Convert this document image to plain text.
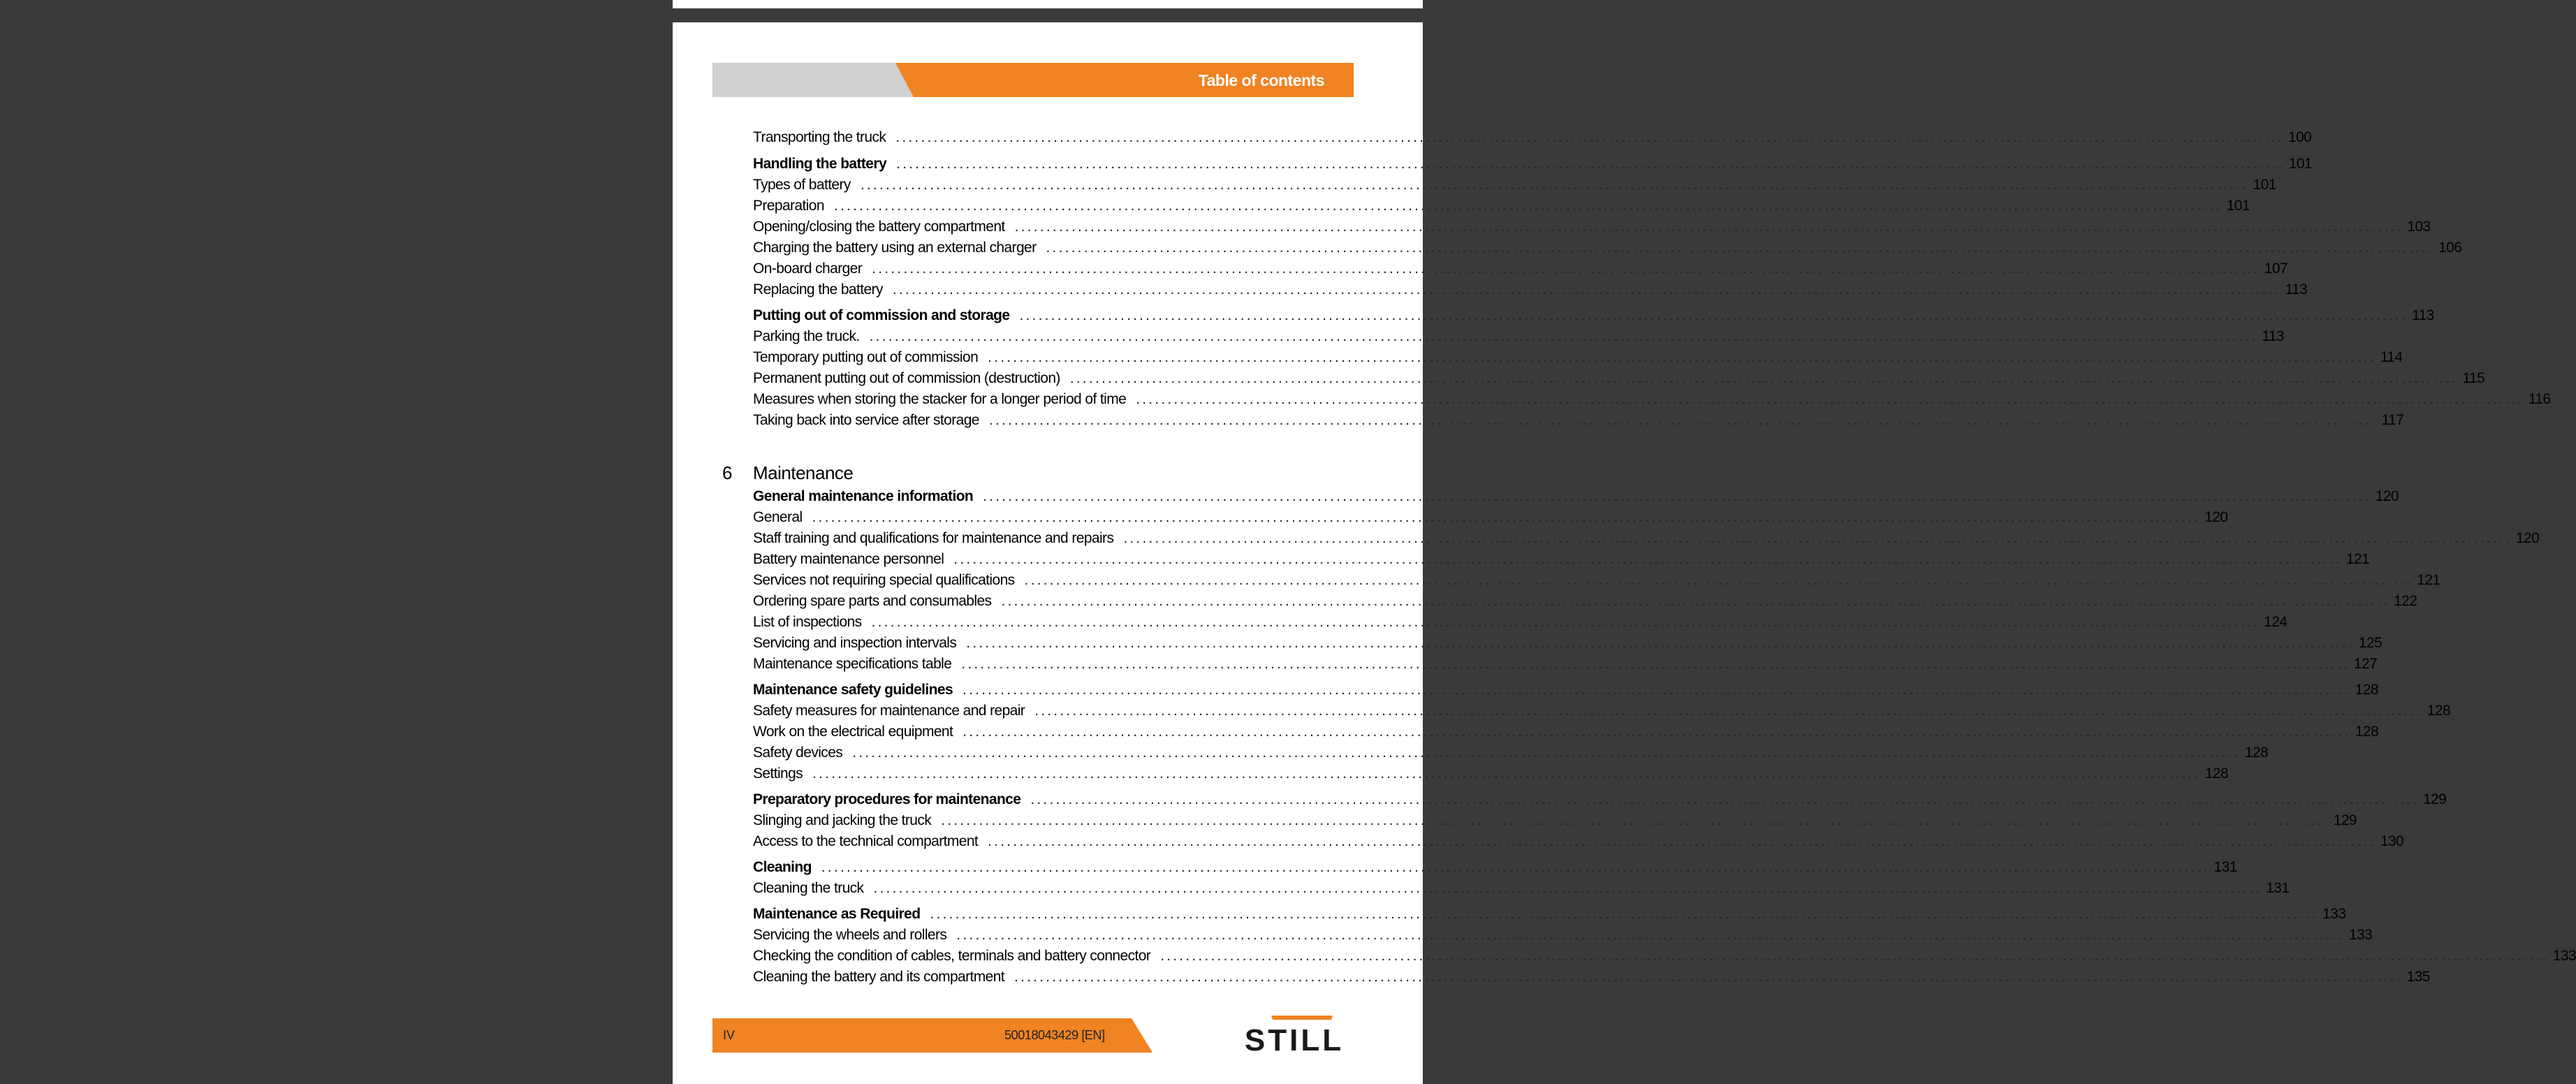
Table of contents
Transporting the truck ............................................................................................................................................................................................................................ 100
Handling the battery ............................................................................................................................................................................................................................ 101
Types of battery ............................................................................................................................................................................................................................ 101
Preparation ............................................................................................................................................................................................................................ 101
Opening/closing the battery compartment ............................................................................................................................................................................................................................ 103
Charging the battery using an external charger ............................................................................................................................................................................................................................ 106
On-board charger ............................................................................................................................................................................................................................ 107
Replacing the battery ............................................................................................................................................................................................................................ 113
Putting out of commission and storage ............................................................................................................................................................................................................................ 113
Parking the truck. ............................................................................................................................................................................................................................ 113
Temporary putting out of commission ............................................................................................................................................................................................................................ 114
Permanent putting out of commission (destruction) ............................................................................................................................................................................................................................ 115
Measures when storing the stacker for a longer period of time ............................................................................................................................................................................................................................ 116
Taking back into service after storage ............................................................................................................................................................................................................................ 117
6 Maintenance
General maintenance information ............................................................................................................................................................................................................................ 120
General ............................................................................................................................................................................................................................ 120
Staff training and qualifications for maintenance and repairs ............................................................................................................................................................................................................................ 120
Battery maintenance personnel ............................................................................................................................................................................................................................ 121
Services not requiring special qualifications ............................................................................................................................................................................................................................ 121
Ordering spare parts and consumables ............................................................................................................................................................................................................................ 122
List of inspections ............................................................................................................................................................................................................................ 124
Servicing and inspection intervals ............................................................................................................................................................................................................................ 125
Maintenance specifications table ............................................................................................................................................................................................................................ 127
Maintenance safety guidelines ............................................................................................................................................................................................................................ 128
Safety measures for maintenance and repair ............................................................................................................................................................................................................................ 128
Work on the electrical equipment ............................................................................................................................................................................................................................ 128
Safety devices ............................................................................................................................................................................................................................ 128
Settings ............................................................................................................................................................................................................................ 128
Preparatory procedures for maintenance ............................................................................................................................................................................................................................ 129
Slinging and jacking the truck ............................................................................................................................................................................................................................ 129
Access to the technical compartment ............................................................................................................................................................................................................................ 130
Cleaning ............................................................................................................................................................................................................................ 131
Cleaning the truck ............................................................................................................................................................................................................................ 131
Maintenance as Required ............................................................................................................................................................................................................................ 133
Servicing the wheels and rollers ............................................................................................................................................................................................................................ 133
Checking the condition of cables, terminals and battery connector ............................................................................................................................................................................................................................ 133
Cleaning the battery and its compartment ............................................................................................................................................................................................................................ 135
IV	50018043429 [EN]	STILL
